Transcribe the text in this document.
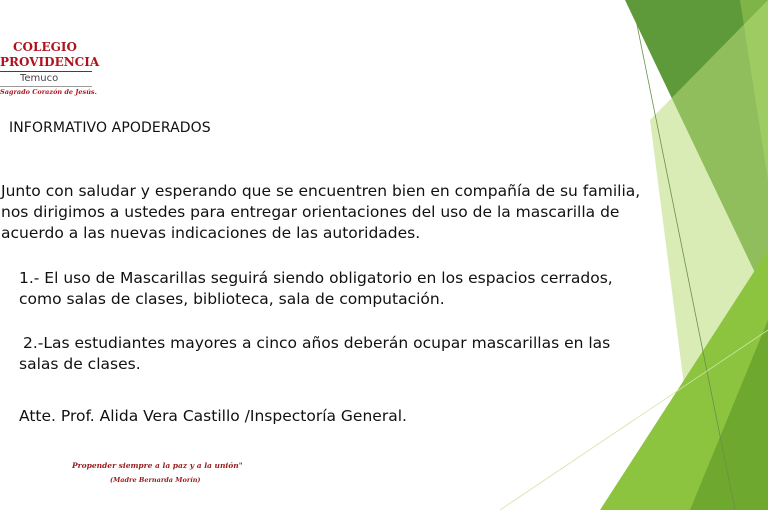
COLEGIO
PROVIDENCIA
Temuco
Sagrado Corazón de Jesús.
INFORMATIVO APODERADOS
Junto con saludar y esperando que se encuentren bien en compañía de su familia, nos dirigimos a ustedes para entregar orientaciones del uso de la mascarilla de acuerdo a las nuevas indicaciones de las autoridades.
1.- El uso de Mascarillas seguirá siendo obligatorio en los espacios cerrados, como salas de clases, biblioteca, sala de computación.
2.-Las estudiantes mayores a cinco años deberán ocupar mascarillas en las salas de clases.
Atte. Prof. Alida Vera Castillo /Inspectoría General.
Propender siempre a la paz y a la unión"
(Madre Bernarda Morín)
